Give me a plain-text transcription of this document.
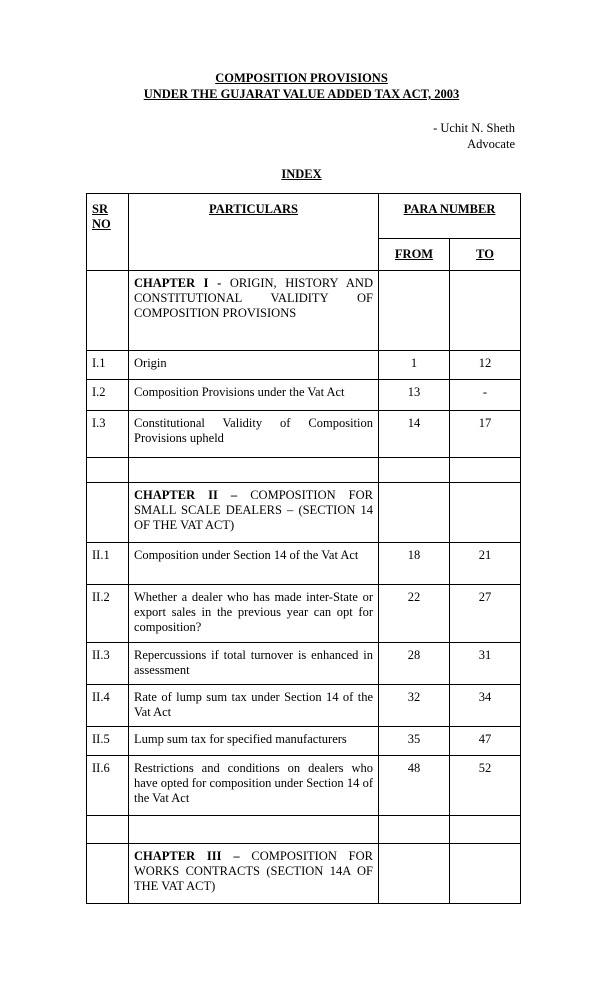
COMPOSITION PROVISIONS
UNDER THE GUJARAT VALUE ADDED TAX ACT, 2003
- Uchit N. Sheth
Advocate
INDEX
SR NO	PARTICULARS	PARA NUMBER	
		FROM	TO
	CHAPTER I - ORIGIN, HISTORY AND CONSTITUTIONAL VALIDITY OF COMPOSITION PROVISIONS		
I.1	Origin	1	12
I.2	Composition Provisions under the Vat Act	13	-
I.3	Constitutional Validity of Composition Provisions upheld	14	17

	CHAPTER II – COMPOSITION FOR SMALL SCALE DEALERS – (SECTION 14 OF THE VAT ACT)		
II.1	Composition under Section 14 of the Vat Act	18	21
II.2	Whether a dealer who has made inter-State or export sales in the previous year can opt for composition?	22	27
II.3	Repercussions if total turnover is enhanced in assessment	28	31
II.4	Rate of lump sum tax under Section 14 of the Vat Act	32	34
II.5	Lump sum tax for specified manufacturers	35	47
II.6	Restrictions and conditions on dealers who have opted for composition under Section 14 of the Vat Act	48	52

	CHAPTER III – COMPOSITION FOR WORKS CONTRACTS (SECTION 14A OF THE VAT ACT)		
